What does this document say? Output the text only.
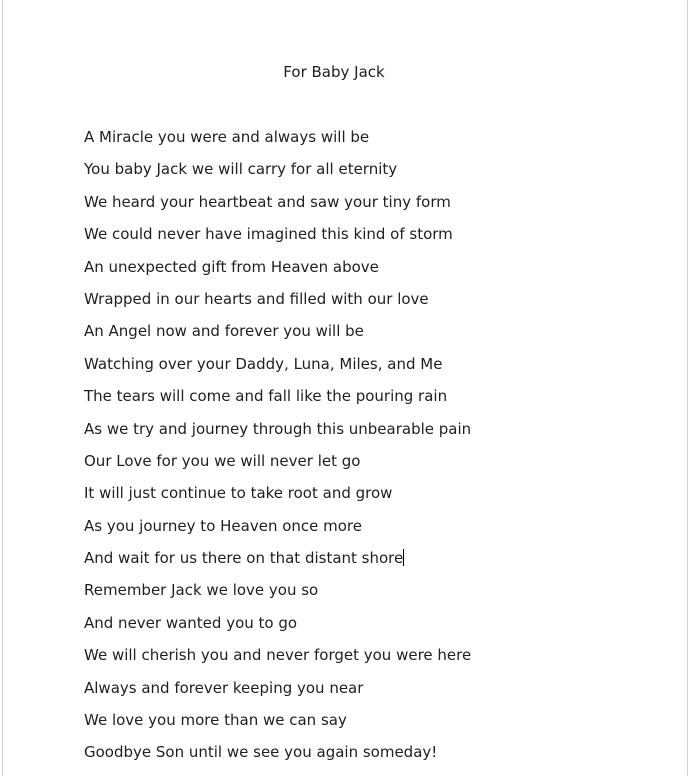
For Baby Jack
A Miracle you were and always will be
You baby Jack we will carry for all eternity
We heard your heartbeat and saw your tiny form
We could never have imagined this kind of storm
An unexpected gift from Heaven above
Wrapped in our hearts and filled with our love
An Angel now and forever you will be
Watching over your Daddy, Luna, Miles, and Me
The tears will come and fall like the pouring rain
As we try and journey through this unbearable pain
Our Love for you we will never let go
It will just continue to take root and grow
As you journey to Heaven once more
And wait for us there on that distant shore
Remember Jack we love you so
And never wanted you to go
We will cherish you and never forget you were here
Always and forever keeping you near
We love you more than we can say
Goodbye Son until we see you again someday!
